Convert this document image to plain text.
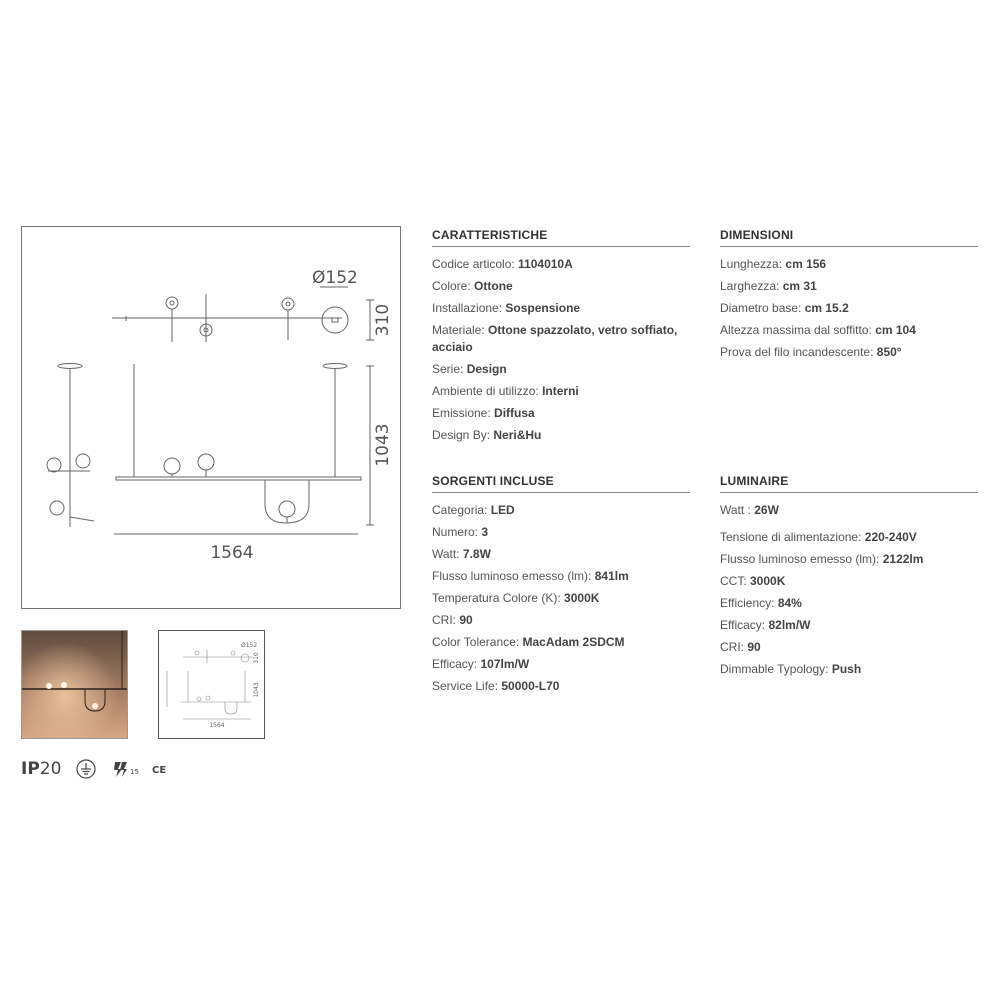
Ø152
310
1043
1564
Ø152
310
1043
1564
IP20	15 CE
CARATTERISTICHE
Codice articolo: 1104010A
Colore: Ottone
Installazione: Sospensione
Materiale: Ottone spazzolato, vetro soffiato, acciaio
Serie: Design
Ambiente di utilizzo: Interni
Emissione: Diffusa
Design By: Neri&Hu
DIMENSIONI
Lunghezza: cm 156
Larghezza: cm 31
Diametro base: cm 15.2
Altezza massima dal soffitto: cm 104
Prova del filo incandescente: 850°
SORGENTI INCLUSE
Categoria: LED
Numero: 3
Watt: 7.8W
Flusso luminoso emesso (lm): 841lm
Temperatura Colore (K): 3000K
CRI: 90
Color Tolerance: MacAdam 2SDCM
Efficacy: 107lm/W
Service Life: 50000-L70
LUMINAIRE
Watt : 26W
Tensione di alimentazione: 220-240V
Flusso luminoso emesso (lm): 2122lm
CCT: 3000K
Efficiency: 84%
Efficacy: 82lm/W
CRI: 90
Dimmable Typology: Push
